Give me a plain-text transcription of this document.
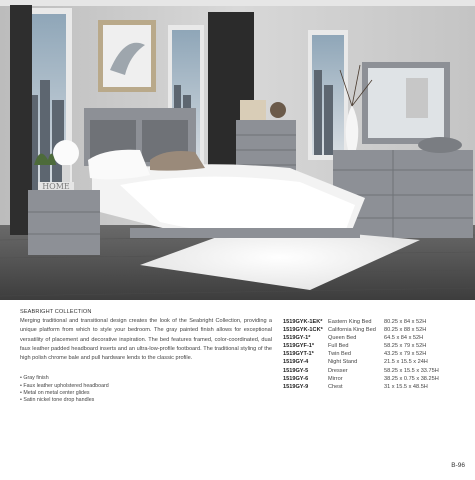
HOME
SEABRIGHT COLLECTION

Merging traditional and transitional design creates the look of the Seabright Collection, providing a unique platform from which to style your bedroom. The gray painted finish allows for exceptional versatility of placement and decorative inspiration. The bed features framed, color-coordinated, dual faux leather padded headboard inserts and an ultra-low-profile footboard. The traditional styling of the high polish chrome bale and pull hardware lends to the classic profile.

• Gray finish
• Faux leather upholstered headboard
• Metal on metal center glides
• Satin nickel tone drop handles
1519GYK-1EK*	Eastern King Bed	80.25 x 84 x 52H
1519GYK-1CK*	California King Bed	80.25 x 88 x 52H
1519GY-1*	Queen Bed	64.5 x 84 x 52H
1519GYF-1*	Full Bed	58.25 x 79 x 52H
1519GYT-1*	Twin Bed	43.25 x 79 x 52H
1519GY-4	Night Stand	21.5 x 15.5 x 24H
1519GY-5	Dresser	58.25 x 15.5 x 33.75H
1519GY-6	Mirror	38.25 x 0.75 x 38.25H
1519GY-9	Chest	31 x 15.5 x 48.5H
B-96
